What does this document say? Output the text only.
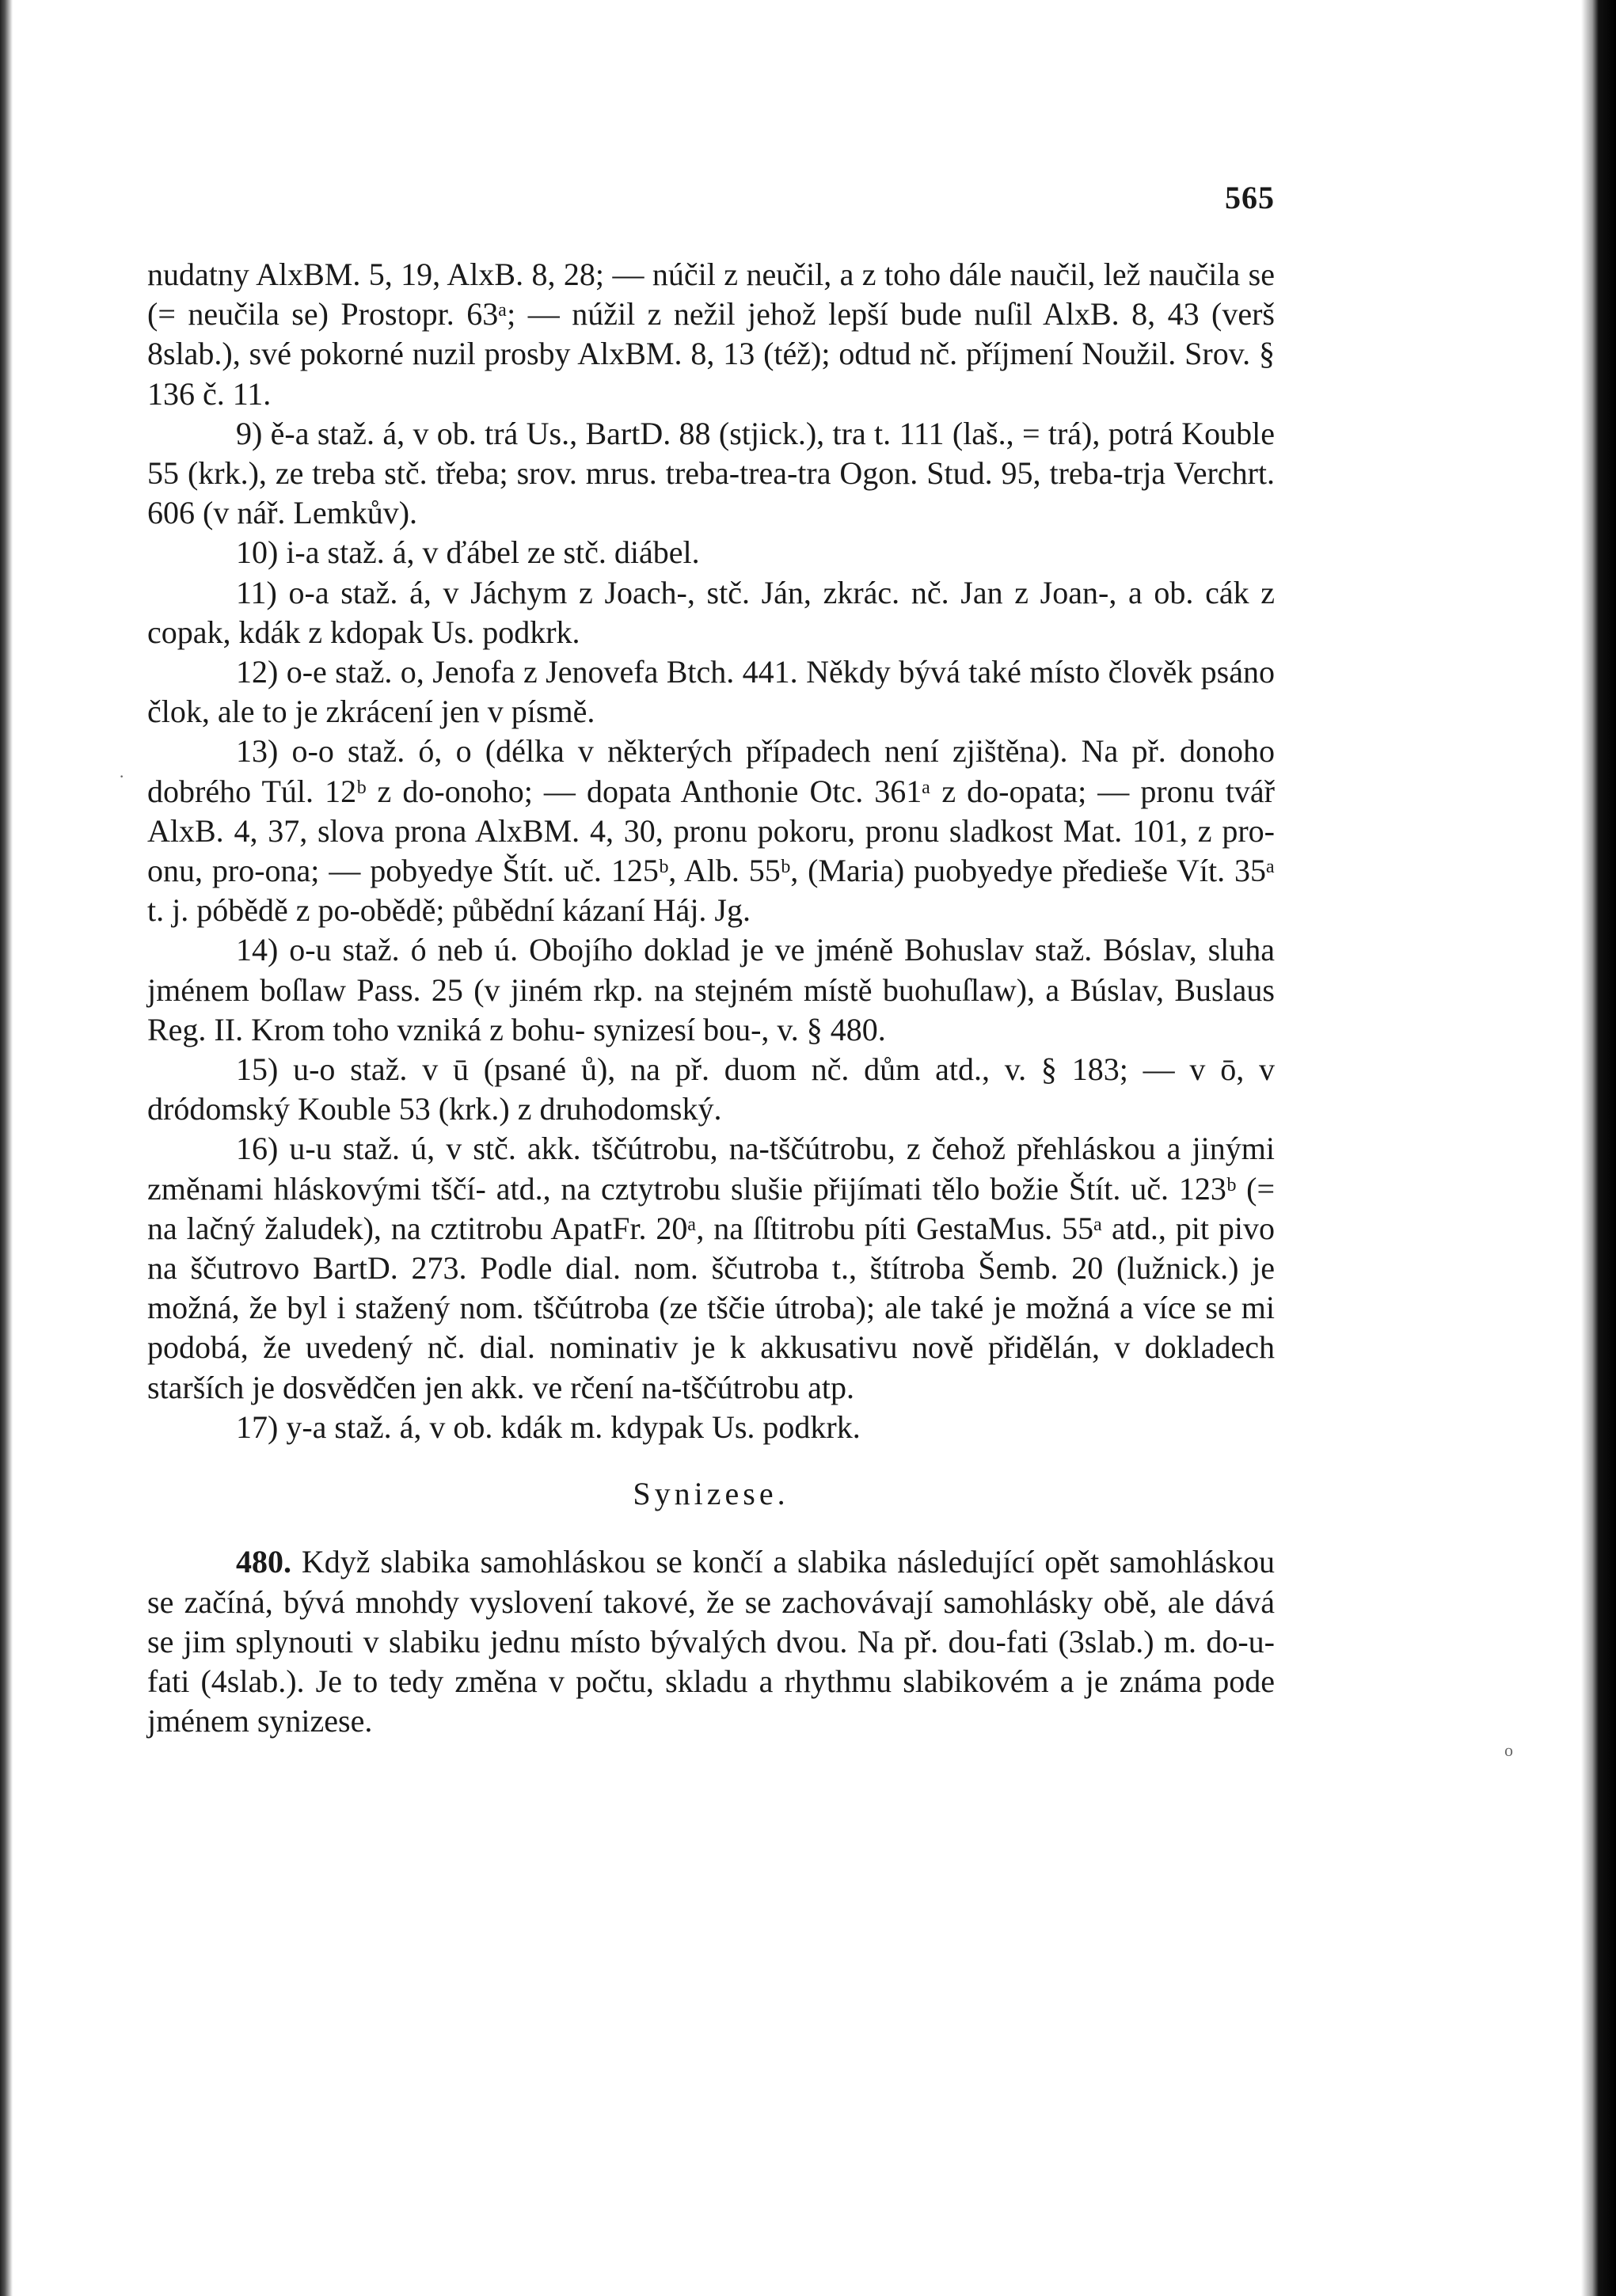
·
o
565

nudatny AlxBM. 5, 19, AlxB. 8, 28; — núčil z neučil, a z toho dále naučil, lež naučila se (= neučila se) Prostopr. 63ᵃ; — núžil z nežil jehož lepší bude nuſil AlxB. 8, 43 (verš 8slab.), své pokorné nuzil prosby AlxBM. 8, 13 (též); odtud nč. příjmení Noužil. Srov. § 136 č. 11.

9) ě-a staž. á, v ob. trá Us., BartD. 88 (stjick.), tra t. 111 (laš., = trá), potrá Kouble 55 (krk.), ze treba stč. třeba; srov. mrus. treba-trea-tra Ogon. Stud. 95, treba-trja Verchrt. 606 (v nář. Lemkův).

10) i-a staž. á, v ďábel ze stč. diábel.

11) o-a staž. á, v Jáchym z Joach-, stč. Ján, zkrác. nč. Jan z Joan-, a ob. cák z copak, kdák z kdopak Us. podkrk.

12) o-e staž. o, Jenofa z Jenovefa Btch. 441. Někdy bývá také místo člověk psáno člok, ale to je zkrácení jen v písmě.

13) o-o staž. ó, o (délka v některých případech není zjištěna). Na př. donoho dobrého Túl. 12ᵇ z do-onoho; — dopata Anthonie Otc. 361ᵃ z do-opata; — pronu tvář AlxB. 4, 37, slova prona AlxBM. 4, 30, pronu pokoru, pronu sladkost Mat. 101, z pro-onu, pro-ona; — pobyedye Štít. uč. 125ᵇ, Alb. 55ᵇ, (Maria) puobyedye předieše Vít. 35ᵃ t. j. póbědě z po-obědě; půbědní kázaní Háj. Jg.

14) o-u staž. ó neb ú. Obojího doklad je ve jméně Bohuslav staž. Bóslav, sluha jménem boſlaw Pass. 25 (v jiném rkp. na stejném místě buohuſlaw), a Búslav, Buslaus Reg. II. Krom toho vzniká z bohu- synizesí bou-, v. § 480.

15) u-o staž. v ū (psané ů), na př. duom nč. dům atd., v. § 183; — v ō, v dródomský Kouble 53 (krk.) z druhodomský.

16) u-u staž. ú, v stč. akk. tščútrobu, na-tščútrobu, z čehož přehláskou a jinými změnami hláskovými tščí- atd., na cztytrobu slušie přijímati tělo božie Štít. uč. 123ᵇ (= na lačný žaludek), na cztitrobu ApatFr. 20ᵃ, na ſſtitrobu píti GestaMus. 55ᵃ atd., pit pivo na ščutrovo BartD. 273. Podle dial. nom. ščutroba t., štítroba Šemb. 20 (lužnick.) je možná, že byl i stažený nom. tščútroba (ze tščie útroba); ale také je možná a více se mi podobá, že uvedený nč. dial. nominativ je k akkusativu nově přidělán, v dokladech starších je dosvědčen jen akk. ve rčení na-tščútrobu atp.

17) y-a staž. á, v ob. kdák m. kdypak Us. podkrk.

Synizese.

480. Když slabika samohláskou se končí a slabika následující opět samohláskou se začíná, bývá mnohdy vyslovení takové, že se zachovávají samohlásky obě, ale dává se jim splynouti v slabiku jednu místo bývalých dvou. Na př. dou-fati (3slab.) m. do-u-fati (4slab.). Je to tedy změna v počtu, skladu a rhythmu slabikovém a je známa pode jménem synizese.
